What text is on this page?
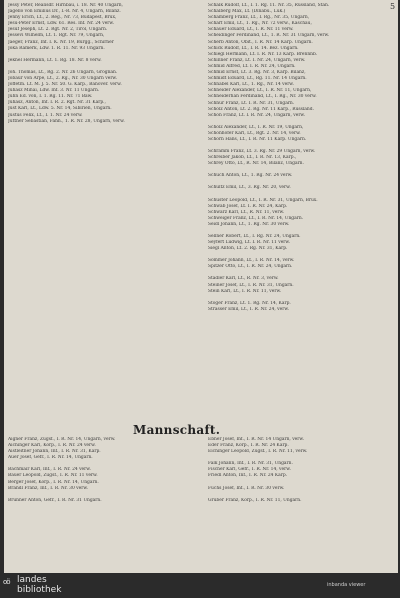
5
Jessy Peter, Realisdr. Hirnbau, i. 18. Nr. 40 Ungarn,
Jagello von Emilius Dr., I.-R. Nr. 4, Ungarn, Bilanz.
Jenny Erich, Lt., 2. Rég., Nr. 73, Budapest, Brüx,
Jesu-Peter Ernst, Ldw. 61. Res. Inf. Nr. 24 verw.
Jesuf Jeseph, Lt. 2. Rgt. Nr. 2, Tirol, Ungarn.
Jessevi Wilhelm, Lt. 1. Rgt. Nr. 79, Ungarn,
Jaeger, Franz, Inf. I. K. Nr. 19, Burgg., Schirner
Joka Ramerk, Ldw. 1. R. 11. Nr. 93 Ungarn.
Jeknel Hermann, Lt. 1. Rg. 18. Nr. 8 verw.
Joh. Thomas, Lt., Rg. 2. Nr. 26 Ungarn, Grognan.
Jobaur von Arpe, Lt., 2. Rg., Nr. 30 Ungarn verw.
Jöffetm. Lt. M. J. 5. Nr. 50. G. Karp., Banover. verw.
Juhasz Mihai, Ldw. Inf. 3. Nr. 11 Ungarn.
Juhn Ed. von, I. 1. Rg. 11. Nr. 71 Baw.
Juhasz, Anton, Inf. I. R. 2. Rgt. Nr. 31 Karp.,
Just Karl, Lt., Ldw. 5. Nr. 14, Sibirien, Ungarn.
Justus Felix, Lt., I. 1. Nr. 24 verw.
Jüttner Sebastian, Fähn., 1. R. Nr. 28, Ungarn, verw.
Schalk Rudolf, Lt., I. 1. Rg. 11. Nr. 35, Russland, Stan.
Schalberg Max, Lt. (Dinabu., Luk.)
Schamberg Franz, Lt., I. Rg., Nr. 35, Ungarn,
Scharf Emil, Lt., 1. Rg., Nr. 72 verw., Kaschau,
Schauer Eduard, Lt., I. R. Nr. 11 verw.
Scheidinger Ferdinand, Lt., 1. R. Nr. 31 Ungarn, verw.
Scherb Anton, Obit., I. R. Nr. 14 Karp. Ungarn.
Schick Rudolf, Lt., I. R. 14. Bez. Ungarn.
Schiegl Hermann, Lt. I. R. Nr. 13 Karp. Brennnb.
Schinner Franz, Lt. I. Nr. 24, Ungarn, verw.
Schmid Alfred, Lt. I. R. Nr. 24, Ungarn.
Schmid Ernst, Lt. 3. Rg. Nr. 3, Karp. Bilanz,
Schmidt Eduard, Lt., Rg. 11. Nr. 14 Ungarn.
Schnabel Karl, Lt., 1. Rg., Nr. 14 verw.
Schneider Alexander, Lt., I. R. Nr. 11, Ungarn,
Schneiderhan Ferdinand, Lt., I. Rg., Nr. 30 verw.
Schnur Franz, Lt. I. R. Nr. 31, Ungarn.
Scholz Anton, Lt. 2. Rg. Nr. 11 Karp., Russland.
Schön Franz, Lt. I. R. Nr. 24, Ungarn, verw.
Scholz Alexander, Lt., I. R. Nr. 19, Ungarn,
Schönhofer Karl, Lt., Rgt. 2. Nr. 14, verw.
Schorn Hans, Lt., I. R. Nr. 11 Karp. Ungarn.
Schramm Franz, Lt. 3. Rg. Nr. 29 Ungarn, verw.
Schreiber Jakob, Lt., I. R. Nr. 13, Karp.,
Schrey Otto, Lt., R. Nr. 14, Bilanz, Ungarn.
Schuch Anton, Lt., 1. Rg. Nr. 24 verw.
Schultz Emil, Lt., 3. Rg. Nr. 20, verw.
Schuster Leopold, Lt., I. R. Nr. 31, Ungarn, Brüx.
Schwab Josef, Lt. I. R. Nr. 24, Karp.
Schwarz Karl, Lt., R. Nr. 11, verw.
Schweiger Franz, Lt., I. R. Nr. 14, Ungarn.
Seidl Johann, Lt., 1. Rg. Nr. 30 verw.
Sellner Robert, Lt., I. Rg. Nr. 24, Ungarn.
Seyfert Ludwig, Lt. I. R. Nr. 11 verw.
Siegl Anton, Lt. 2. Rg. Nr. 31, Karp.
Sommer Johann, Lt., I. R. Nr. 14, verw.
Spitzer Otto, Lt., I. R. Nr. 24, Ungarn.
Stadler Karl, Lt., R. Nr. 3, verw.
Steiner Josef, Lt., I. R. Nr. 31, Ungarn.
Stein Karl, Lt., I. R. Nr. 11, verw.
Stöger Franz, Lt. 1. Rg. Nr. 14, Karp.
Strasser Emil, Lt., I. R. Nr. 24, verw.
Mannschaft.
Aigner Franz, Zugsf., I. R. Nr. 14, Ungarn, verw.
Aichinger Karl, Korp., I. R. Nr. 24 verw.
Aistleitner Johann, Inf., I. R. Nr. 31, Karp.
Auer Josef, Gefr., I. R. Nr. 14, Ungarn.
Bachmair Karl, Inf., I. R. Nr. 24 verw.
Bauer Leopold, Zugsf., I. R. Nr. 11 verw.
Berger Josef, Korp., I. R. Nr. 14, Ungarn.
Brandl Franz, Inf., I. R. Nr. 30 verw.
Brunner Anton, Gefr., I. R. Nr. 31 Ungarn.
Ebner Josef, Inf., I. R. Nr. 14 Ungarn, verw.
Eder Franz, Korp., I. R. Nr. 24 Karp.
Eichinger Leopold, Zugsf., I. R. Nr. 11, verw.
Falk Johann, Inf., I. R. Nr. 31, Ungarn.
Fischer Karl, Gefr., I. R. Nr. 14, verw.
Friedl Anton, Inf., I. R. Nr. 24 Karp.
Fuchs Josef, Inf., I. R. Nr. 30 verw.
Gruber Franz, Korp., I. R. Nr. 11, Ungarn.
oö landes
bibliothek	inbanda viewer
